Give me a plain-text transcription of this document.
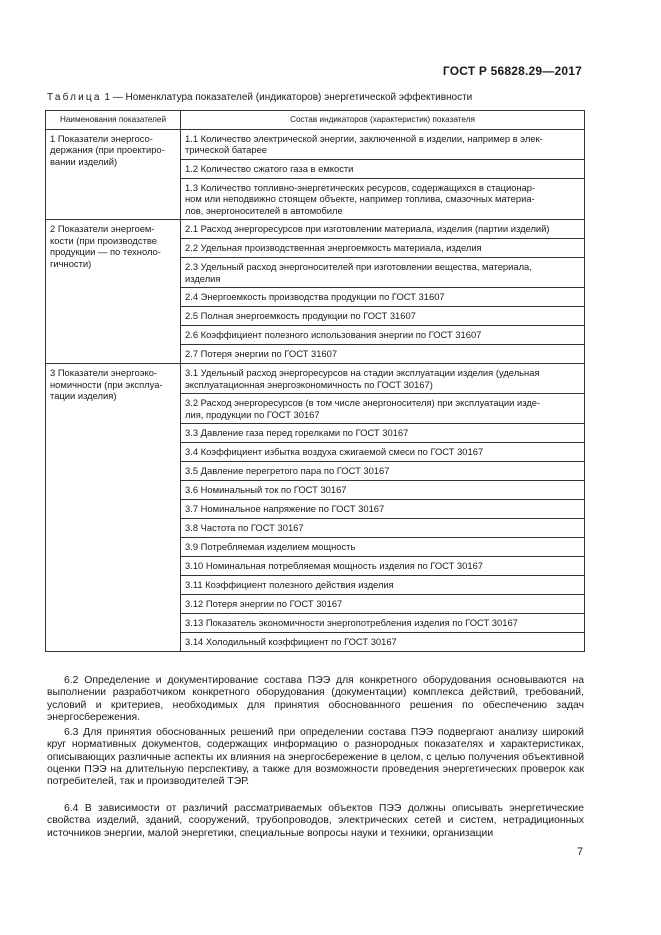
ГОСТ Р 56828.29—2017
Таблица 1 — Номенклатура показателей (индикаторов) энергетической эффективности
Наименования показателей	Состав индикаторов (характеристик) показателя
1 Показатели энергосо-
держания (при проектиро-
вании изделий)	1.1 Количество электрической энергии, заключенной в изделии, например в элек-
трической батарее
	1.2 Количество сжатого газа в емкости
	1.3 Количество топливно-энергетических ресурсов, содержащихся в стационар-
ном или неподвижно стоящем объекте, например топлива, смазочных материа-
лов, энергоносителей в автомобиле
2 Показатели энергоем-
кости (при производстве
продукции — по техноло-
гичности)	2.1 Расход энергоресурсов при изготовлении материала, изделия (партии изделий)
	2.2 Удельная производственная энергоемкость материала, изделия
	2.3 Удельный расход энергоносителей при изготовлении вещества, материала,
изделия
	2.4 Энергоемкость производства продукции по ГОСТ 31607
	2.5 Полная энергоемкость продукции по ГОСТ 31607
	2.6 Коэффициент полезного использования энергии по ГОСТ 31607
	2.7 Потеря энергии по ГОСТ 31607
3 Показатели энергоэко-
номичности (при эксплуа-
тации изделия)	3.1 Удельный расход энергоресурсов на стадии эксплуатации изделия (удельная
эксплуатационная энергоэкономичность по ГОСТ 30167)
	3.2 Расход энергоресурсов (в том числе энергоносителя) при эксплуатации изде-
лия, продукции по ГОСТ 30167
	3.3 Давление газа перед горелками по ГОСТ 30167
	3.4 Коэффициент избытка воздуха сжигаемой смеси по ГОСТ 30167
	3.5 Давление перегретого пара по ГОСТ 30167
	3.6 Номинальный ток по ГОСТ 30167
	3.7 Номинальное напряжение по ГОСТ 30167
	3.8 Частота по ГОСТ 30167
	3.9 Потребляемая изделием мощность
	3.10 Номинальная потребляемая мощность изделия по ГОСТ 30167
	3.11 Коэффициент полезного действия изделия
	3.12 Потеря энергии по ГОСТ 30167
	3.13 Показатель экономичности энергопотребления изделия по ГОСТ 30167
	3.14 Холодильный коэффициент по ГОСТ 30167
6.2 Определение и документирование состава ПЭЭ для конкретного оборудования основываются на выполнении разработчиком конкретного оборудования (документации) комплекса действий, требований, условий и критериев, необходимых для принятия обоснованного решения по обеспечению задач энергосбережения.
6.3 Для принятия обоснованных решений при определении состава ПЭЭ подвергают анализу широкий круг нормативных документов, содержащих информацию о разнородных показателях и характеристиках, описывающих различные аспекты их влияния на энергосбережение в целом, с целью получения объективной оценки ПЭЭ на длительную перспективу, а также для возможности проведения энергетических проверок как потребителей, так и производителей ТЭР.
6.4 В зависимости от различий рассматриваемых объектов ПЭЭ должны описывать энергетические свойства изделий, зданий, сооружений, трубопроводов, электрических сетей и систем, нетрадиционных источников энергии, малой энергетики, специальные вопросы науки и техники, организации
7
